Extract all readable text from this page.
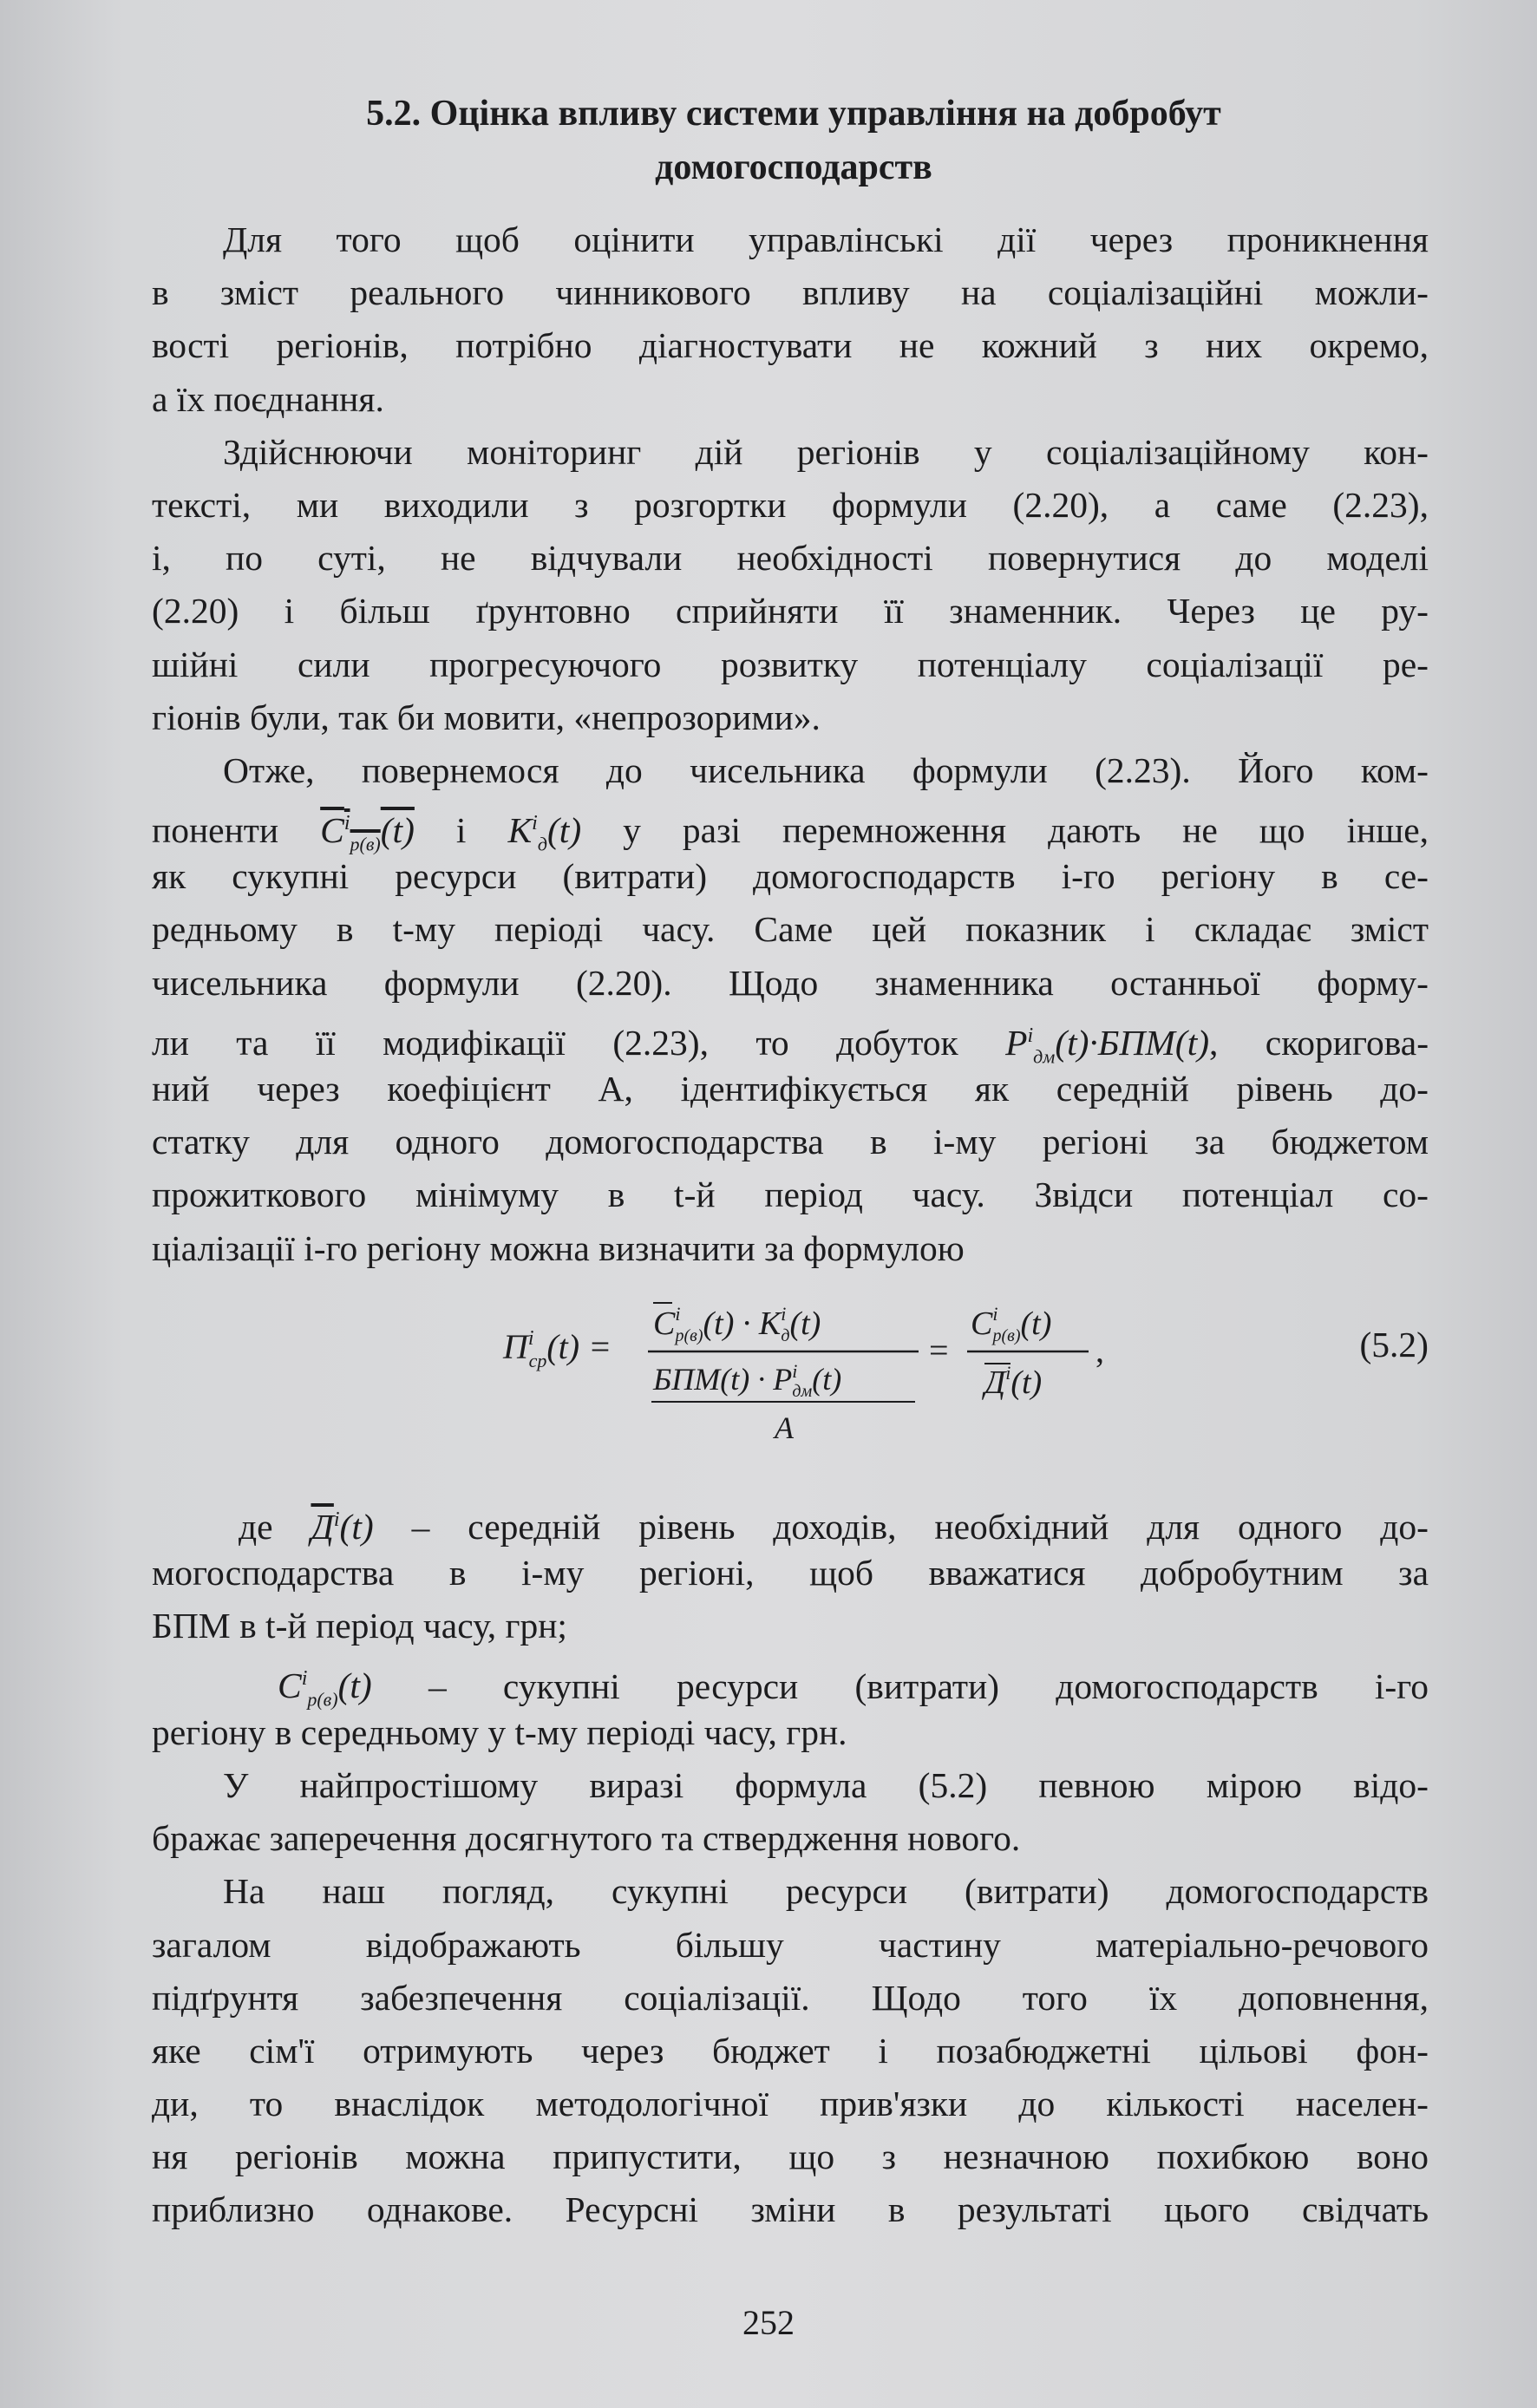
5.2. Оцінка впливу системи управління на добробут
домогосподарств
Для того щоб оцінити управлінські дії через проникнення
в зміст реального чинникового впливу на соціалізаційні можли-
вості регіонів, потрібно діагностувати не кожний з них окремо,
а їх поєднання.
Здійснюючи моніторинг дій регіонів у соціалізаційному кон-
тексті, ми виходили з розгортки формули (2.20), а саме (2.23),
і, по суті, не відчували необхідності повернутися до моделі
(2.20) і більш ґрунтовно сприйняти її знаменник. Через це ру-
шійні сили прогресуючого розвитку потенціалу соціалізації ре-
гіонів були, так би мовити, «непрозорими».
Отже, повернемося до чисельника формули (2.23). Його ком-
поненти $C^i_{p(в)}(t)$ і $K^i_д(t)$ у разі перемноження дають не що інше,
як сукупні ресурси (витрати) домогосподарств і-го регіону в се-
редньому в t-му періоді часу. Саме цей показник і складає зміст
чисельника формули (2.20). Щодо знаменника останньої форму-
ли та її модифікації (2.23), то добуток $P^i_{дм}(t)\cdot БПМ(t)$, скоригова-
ний через коефіцієнт А, ідентифікується як середній рівень до-
статку для одного домогосподарства в і-му регіоні за бюджетом
прожиткового мінімуму в t-й період часу. Звідси потенціал со-
ціалізації і-го регіону можна визначити за формулою
$П^i$ ср(t) =
$C^i$ $p(в)(t) \cdot K^i$ д(t)
$БПМ(t) \cdot P^i$ дм(t)
A
=
$C^i$ p(в)(t)
$Д^i(t)$
,	(5.2)
де $Д^i(t)$ – середній рівень доходів, необхідний для одного до-
могосподарства в і-му регіоні, щоб вважатися добробутним за
БПМ в t-й період часу, грн;
$C^i_{p(в)}(t)$ – сукупні ресурси (витрати) домогосподарств і-го
регіону в середньому у t-му періоді часу, грн.
У найпростішому виразі формула (5.2) певною мірою відо-
бражає заперечення досягнутого та ствердження нового.
На наш погляд, сукупні ресурси (витрати) домогосподарств
загалом відображають більшу частину матеріально-речового
підґрунтя забезпечення соціалізації. Щодо того їх доповнення,
яке сім'ї отримують через бюджет і позабюджетні цільові фон-
ди, то внаслідок методологічної прив'язки до кількості населен-
ня регіонів можна припустити, що з незначною похибкою воно
приблизно однакове. Ресурсні зміни в результаті цього свідчать
252
